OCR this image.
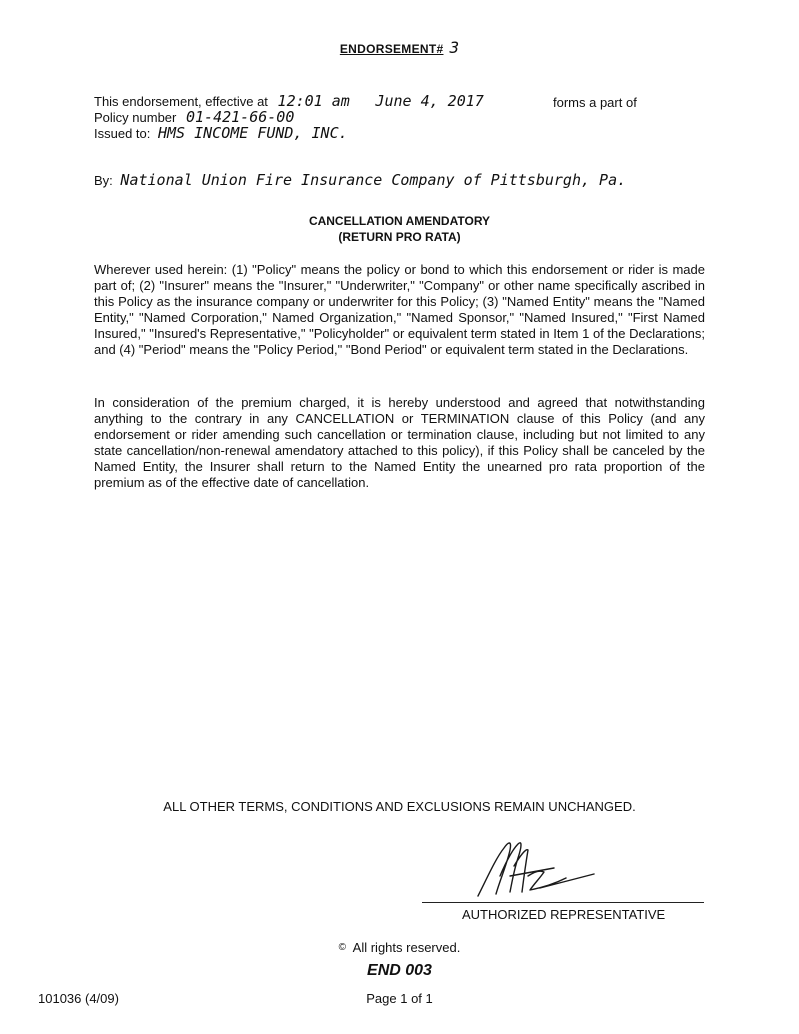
ENDORSEMENT# 3
This endorsement, effective at 12:01 am June 4, 2017	forms a part of
Policy number 01-421-66-00
Issued to: HMS INCOME FUND, INC.
By: National Union Fire Insurance Company of Pittsburgh, Pa.
CANCELLATION AMENDATORY
(RETURN PRO RATA)

Wherever used herein: (1) "Policy" means the policy or bond to which this endorsement or rider is made part of; (2) "Insurer" means the "Insurer," "Underwriter," "Company" or other name specifically ascribed in this Policy as the insurance company or underwriter for this Policy; (3) "Named Entity" means the "Named Entity," "Named Corporation," Named Organization," "Named Sponsor," "Named Insured," "First Named Insured," "Insured's Representative," "Policyholder" or equivalent term stated in Item 1 of the Declarations; and (4) "Period" means the "Policy Period," "Bond Period" or equivalent term stated in the Declarations.

In consideration of the premium charged, it is hereby understood and agreed that notwithstanding anything to the contrary in any CANCELLATION or TERMINATION clause of this Policy (and any endorsement or rider amending such cancellation or termination clause, including but not limited to any state cancellation/non-renewal amendatory attached to this policy), if this Policy shall be canceled by the Named Entity, the Insurer shall return to the Named Entity the unearned pro rata proportion of the premium as of the effective date of cancellation.

ALL OTHER TERMS, CONDITIONS AND EXCLUSIONS REMAIN UNCHANGED.
AUTHORIZED REPRESENTATIVE
© All rights reserved.
END 003
101036 (4/09)	Page 1 of 1
